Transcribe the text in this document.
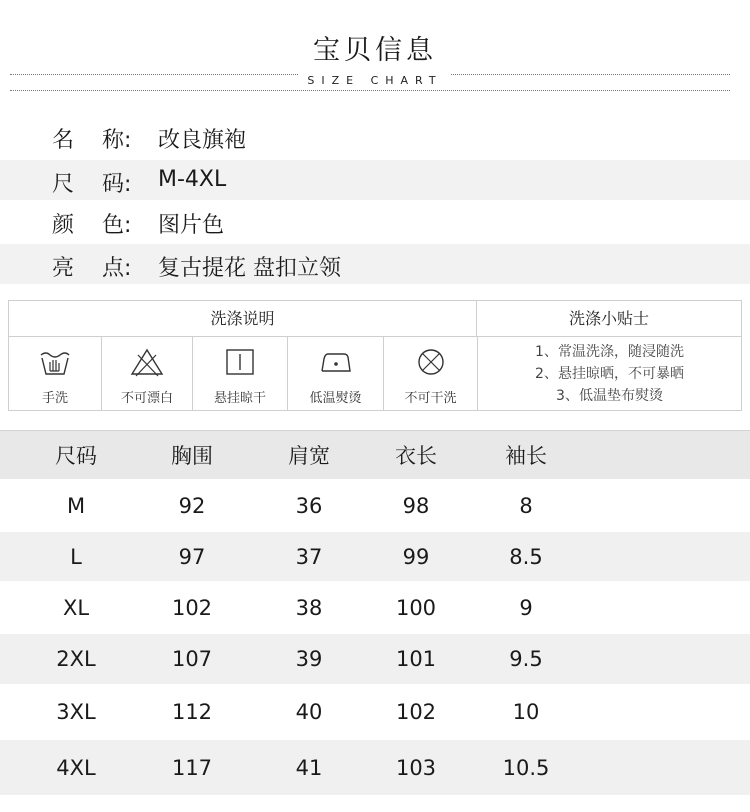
宝贝信息
SIZE CHART
名    称:	改良旗袍
尺    码:	M-4XL
颜    色:	图片色
亮    点:	复古提花 盘扣立领
洗涤说明	洗涤小贴士
手洗	不可漂白	悬挂晾干	低温熨烫	不可干洗
1、常温洗涤，随浸随洗
2、悬挂晾晒，不可暴晒
3、低温垫布熨烫
尺码	胸围	肩宽	衣长	袖长
M	92	36	98	8
L	97	37	99	8.5
XL	102	38	100	9
2XL	107	39	101	9.5
3XL	112	40	102	10
4XL	117	41	103	10.5
